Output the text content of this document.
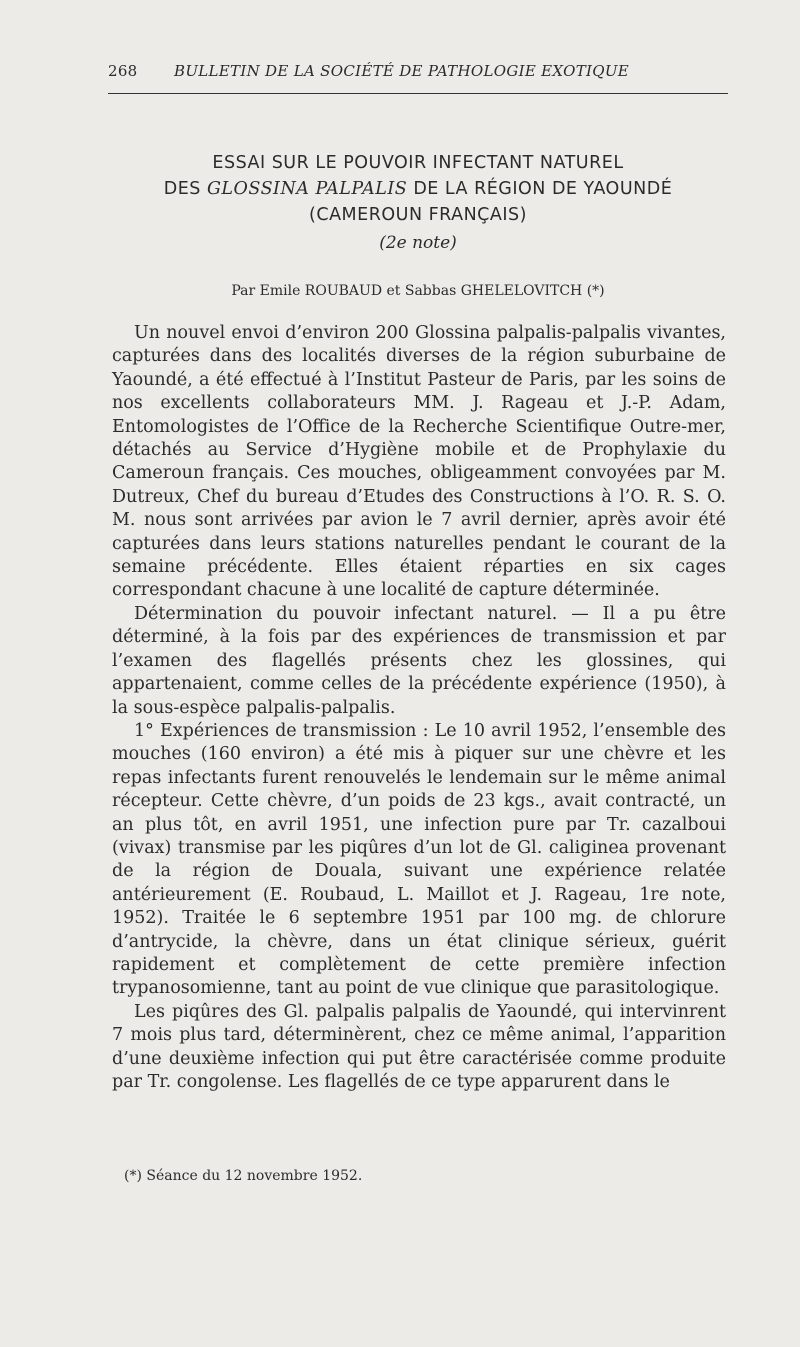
268 BULLETIN DE LA SOCIÉTÉ DE PATHOLOGIE EXOTIQUE
ESSAI SUR LE POUVOIR INFECTANT NATUREL
DES GLOSSINA PALPALIS DE LA RÉGION DE YAOUNDÉ
(CAMEROUN FRANÇAIS)
(2e note)
Par Emile ROUBAUD et Sabbas GHELELOVITCH (*)

Un nouvel envoi d’environ 200 Glossina palpalis-palpalis vivantes, capturées dans des localités diverses de la région suburbaine de Yaoundé, a été effectué à l’Institut Pasteur de Paris, par les soins de nos excellents collaborateurs MM. J. Rageau et J.-P. Adam, Entomologistes de l’Office de la Recherche Scientifique Outre-mer, détachés au Service d’Hygiène mobile et de Prophylaxie du Cameroun français. Ces mouches, obligeamment convoyées par M. Dutreux, Chef du bureau d’Etudes des Constructions à l’O. R. S. O. M. nous sont arrivées par avion le 7 avril dernier, après avoir été capturées dans leurs stations naturelles pendant le courant de la semaine précédente. Elles étaient réparties en six cages correspondant chacune à une localité de capture déterminée.

Détermination du pouvoir infectant naturel. — Il a pu être déterminé, à la fois par des expériences de transmission et par l’examen des flagellés présents chez les glossines, qui appartenaient, comme celles de la précédente expérience (1950), à la sous-espèce palpalis-palpalis.

1° Expériences de transmission : Le 10 avril 1952, l’ensemble des mouches (160 environ) a été mis à piquer sur une chèvre et les repas infectants furent renouvelés le lendemain sur le même animal récepteur. Cette chèvre, d’un poids de 23 kgs., avait contracté, un an plus tôt, en avril 1951, une infection pure par Tr. cazalboui (vivax) transmise par les piqûres d’un lot de Gl. caliginea provenant de la région de Douala, suivant une expérience relatée antérieurement (E. Roubaud, L. Maillot et J. Rageau, 1re note, 1952). Traitée le 6 septembre 1951 par 100 mg. de chlorure d’antrycide, la chèvre, dans un état clinique sérieux, guérit rapidement et complètement de cette première infection trypanosomienne, tant au point de vue clinique que parasitologique.

Les piqûres des Gl. palpalis palpalis de Yaoundé, qui intervinrent 7 mois plus tard, déterminèrent, chez ce même animal, l’apparition d’une deuxième infection qui put être caractérisée comme produite par Tr. congolense. Les flagellés de ce type apparurent dans le

(*) Séance du 12 novembre 1952.
